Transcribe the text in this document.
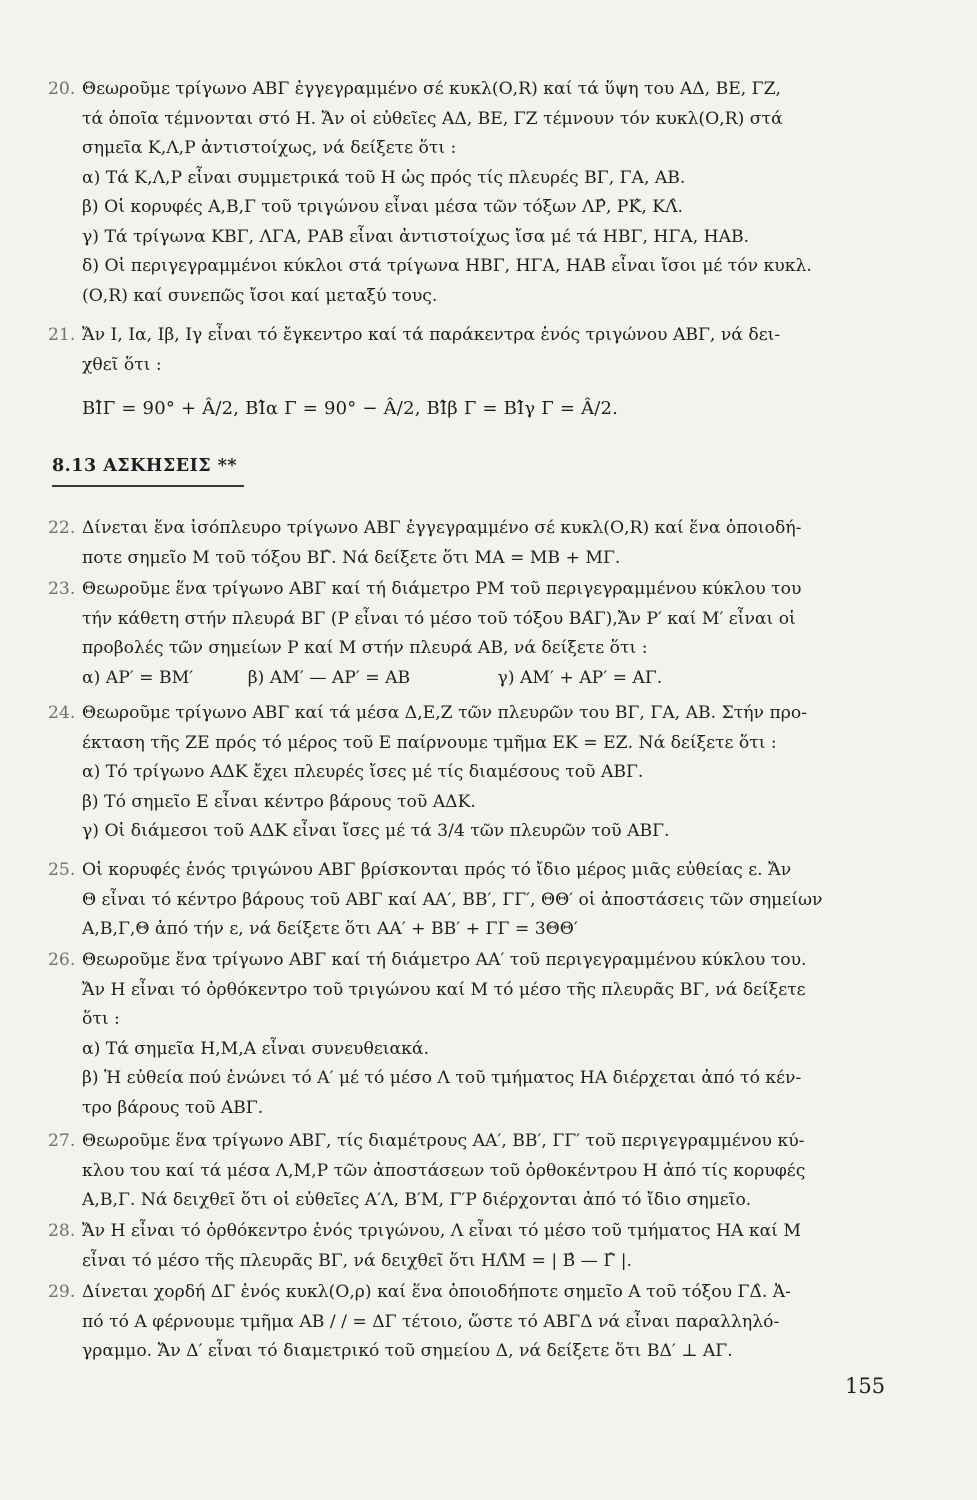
20. Θεωροῦμε τρίγωνο ΑΒΓ ἐγγεγραμμένο σέ κυκλ(Ο,R) καί τά ὕψη του ΑΔ, ΒΕ, ΓΖ,
τά ὁποῖα τέμνονται στό Η. Ἄν οἱ εὐθεῖες ΑΔ, ΒΕ, ΓΖ τέμνουν τόν κυκλ(Ο,R) στά
σημεῖα Κ,Λ,Ρ ἀντιστοίχως, νά δείξετε ὅτι :
α) Τά Κ,Λ,Ρ εἶναι συμμετρικά τοῦ Η ὡς πρός τίς πλευρές ΒΓ, ΓΑ, ΑΒ.
β) Οἱ κορυφές Α,Β,Γ τοῦ τριγώνου εἶναι μέσα τῶν τόξων ΛΡ̂, ΡΚ̂, ΚΛ̂.
γ) Τά τρίγωνα ΚΒΓ, ΛΓΑ, ΡΑΒ εἶναι ἀντιστοίχως ἴσα μέ τά ΗΒΓ, ΗΓΑ, ΗΑΒ.
δ) Οἱ περιγεγραμμένοι κύκλοι στά τρίγωνα ΗΒΓ, ΗΓΑ, ΗΑΒ εἶναι ἴσοι μέ τόν κυκλ.
(Ο,R) καί συνεπῶς ἴσοι καί μεταξύ τους.
21. Ἄν Ι, Ια, Ιβ, Ιγ εἶναι τό ἔγκεντρο καί τά παράκεντρα ἑνός τριγώνου ΑΒΓ, νά δει-
χθεῖ ὅτι :
ΒΙ̂Γ = 90° + Â/2, ΒΙ̂α Γ = 90° − Â/2, ΒΙ̂β Γ = ΒΙ̂γ Γ = Â/2.
8.13 ΑΣΚΗΣΕΙΣ **
22. Δίνεται ἕνα ἰσόπλευρο τρίγωνο ΑΒΓ ἐγγεγραμμένο σέ κυκλ(Ο,R) καί ἕνα ὁποιοδή-
ποτε σημεῖο Μ τοῦ τόξου ΒΓ̂. Νά δείξετε ὅτι ΜΑ = ΜΒ + ΜΓ.
23. Θεωροῦμε ἕνα τρίγωνο ΑΒΓ καί τή διάμετρο ΡΜ τοῦ περιγεγραμμένου κύκλου του
τήν κάθετη στήν πλευρά ΒΓ (Ρ εἶναι τό μέσο τοῦ τόξου ΒΑ̂Γ),Ἄν Ρ′ καί Μ′ εἶναι οἱ
προβολές τῶν σημείων Ρ καί Μ στήν πλευρά ΑΒ, νά δείξετε ὅτι :
α) ΑΡ′ = ΒΜ′          β) ΑΜ′ — ΑΡ′ = ΑΒ                γ) ΑΜ′ + ΑΡ′ = ΑΓ.
24. Θεωροῦμε τρίγωνο ΑΒΓ καί τά μέσα Δ,Ε,Ζ τῶν πλευρῶν του ΒΓ, ΓΑ, ΑΒ. Στήν προ-
έκταση τῆς ΖΕ πρός τό μέρος τοῦ Ε παίρνουμε τμῆμα ΕΚ = ΕΖ. Νά δείξετε ὅτι :
α) Τό τρίγωνο ΑΔΚ ἔχει πλευρές ἴσες μέ τίς διαμέσους τοῦ ΑΒΓ.
β) Τό σημεῖο Ε εἶναι κέντρο βάρους τοῦ ΑΔΚ.
γ) Οἱ διάμεσοι τοῦ ΑΔΚ εἶναι ἴσες μέ τά 3/4 τῶν πλευρῶν τοῦ ΑΒΓ.
25. Οἱ κορυφές ἑνός τριγώνου ΑΒΓ βρίσκονται πρός τό ἴδιο μέρος μιᾶς εὐθείας ε. Ἄν
Θ εἶναι τό κέντρο βάρους τοῦ ΑΒΓ καί ΑΑ′, ΒΒ′, ΓΓ′, ΘΘ′ οἱ ἀποστάσεις τῶν σημείων
Α,Β,Γ,Θ ἀπό τήν ε, νά δείξετε ὅτι ΑΑ′ + ΒΒ′ + ΓΓ = 3ΘΘ′
26. Θεωροῦμε ἕνα τρίγωνο ΑΒΓ καί τή διάμετρο ΑΑ′ τοῦ περιγεγραμμένου κύκλου του.
Ἄν Η εἶναι τό ὀρθόκεντρο τοῦ τριγώνου καί Μ τό μέσο τῆς πλευρᾶς ΒΓ, νά δείξετε
ὅτι :
α) Τά σημεῖα Η,Μ,Α εἶναι συνευθειακά.
β) Ἡ εὐθεία πού ἑνώνει τό Α′ μέ τό μέσο Λ τοῦ τμήματος ΗΑ διέρχεται ἀπό τό κέν-
τρο βάρους τοῦ ΑΒΓ.
27. Θεωροῦμε ἕνα τρίγωνο ΑΒΓ, τίς διαμέτρους ΑΑ′, ΒΒ′, ΓΓ′ τοῦ περιγεγραμμένου κύ-
κλου του καί τά μέσα Λ,Μ,Ρ τῶν ἀποστάσεων τοῦ ὀρθοκέντρου Η ἀπό τίς κορυφές
Α,Β,Γ. Νά δειχθεῖ ὅτι οἱ εὐθεῖες Α′Λ, Β′Μ, Γ′Ρ διέρχονται ἀπό τό ἴδιο σημεῖο.
28. Ἄν Η εἶναι τό ὀρθόκεντρο ἑνός τριγώνου, Λ εἶναι τό μέσο τοῦ τμήματος ΗΑ καί Μ
εἶναι τό μέσο τῆς πλευρᾶς ΒΓ, νά δειχθεῖ ὅτι ΗΛ̂Μ = | Β̂ — Γ̂ |.
29. Δίνεται χορδή ΔΓ ἑνός κυκλ(Ο,ρ) καί ἕνα ὁποιοδήποτε σημεῖο Α τοῦ τόξου ΓΔ̂. Ἀ-
πό τό Α φέρνουμε τμῆμα ΑΒ / / = ΔΓ τέτοιο, ὥστε τό ΑΒΓΔ νά εἶναι παραλληλό-
γραμμο. Ἄν Δ′ εἶναι τό διαμετρικό τοῦ σημείου Δ, νά δείξετε ὅτι ΒΔ′ ⊥ ΑΓ.
155
